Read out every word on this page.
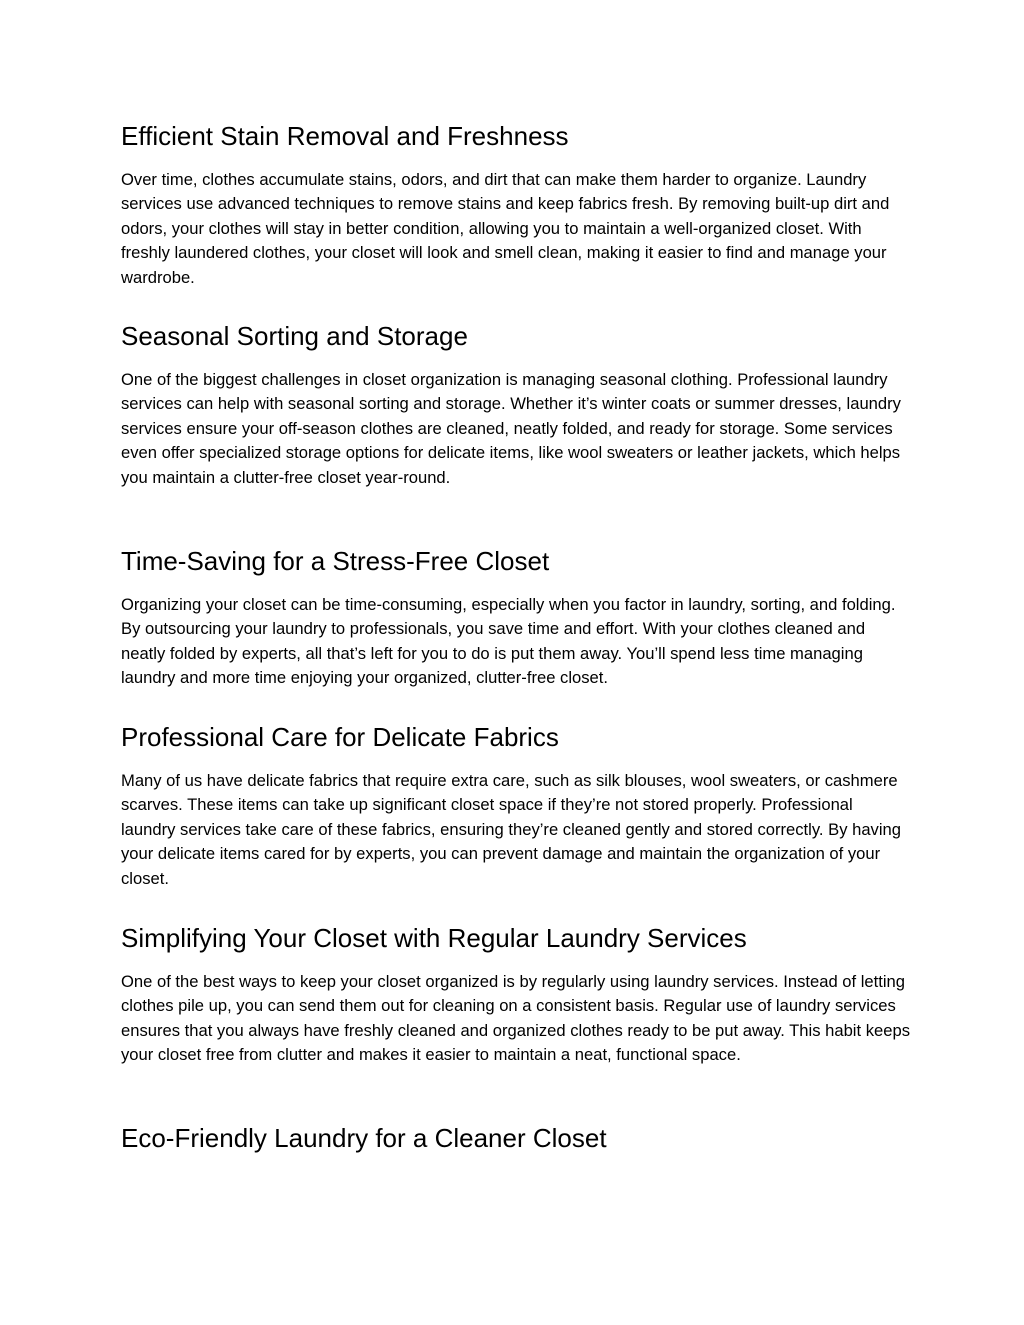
Efficient Stain Removal and Freshness

Over time, clothes accumulate stains, odors, and dirt that can make them harder to organize. Laundry services use advanced techniques to remove stains and keep fabrics fresh. By removing built-up dirt and odors, your clothes will stay in better condition, allowing you to maintain a well-organized closet. With freshly laundered clothes, your closet will look and smell clean, making it easier to find and manage your wardrobe.

Seasonal Sorting and Storage

One of the biggest challenges in closet organization is managing seasonal clothing. Professional laundry services can help with seasonal sorting and storage. Whether it’s winter coats or summer dresses, laundry services ensure your off-season clothes are cleaned, neatly folded, and ready for storage. Some services even offer specialized storage options for delicate items, like wool sweaters or leather jackets, which helps you maintain a clutter-free closet year-round.

Time-Saving for a Stress-Free Closet

Organizing your closet can be time-consuming, especially when you factor in laundry, sorting, and folding. By outsourcing your laundry to professionals, you save time and effort. With your clothes cleaned and neatly folded by experts, all that’s left for you to do is put them away. You’ll spend less time managing laundry and more time enjoying your organized, clutter-free closet.

Professional Care for Delicate Fabrics

Many of us have delicate fabrics that require extra care, such as silk blouses, wool sweaters, or cashmere scarves. These items can take up significant closet space if they’re not stored properly. Professional laundry services take care of these fabrics, ensuring they’re cleaned gently and stored correctly. By having your delicate items cared for by experts, you can prevent damage and maintain the organization of your closet.

Simplifying Your Closet with Regular Laundry Services

One of the best ways to keep your closet organized is by regularly using laundry services. Instead of letting clothes pile up, you can send them out for cleaning on a consistent basis. Regular use of laundry services ensures that you always have freshly cleaned and organized clothes ready to be put away. This habit keeps your closet free from clutter and makes it easier to maintain a neat, functional space.

Eco-Friendly Laundry for a Cleaner Closet
